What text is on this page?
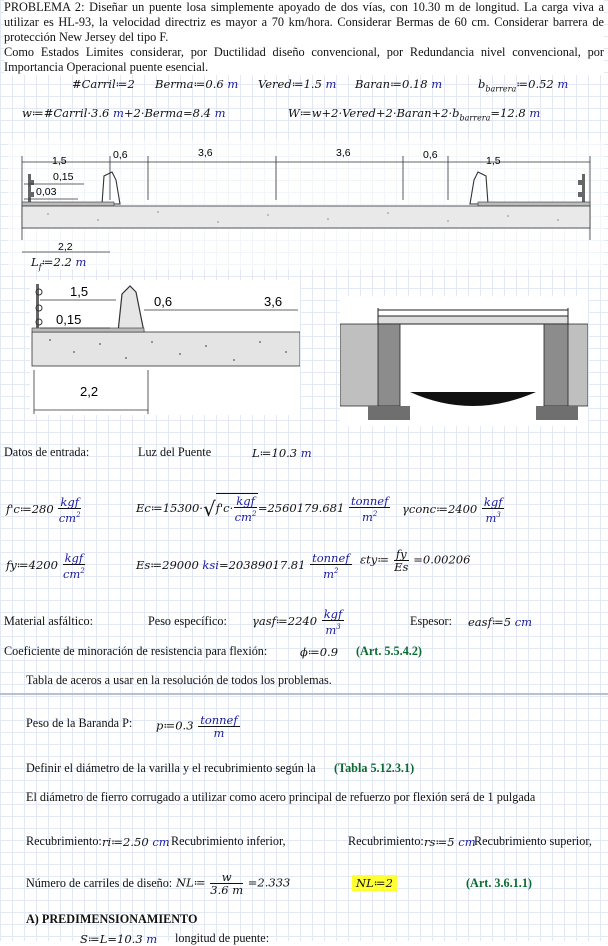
PROBLEMA 2: Diseñar un puente losa simplemente apoyado de dos vías, con 10.30 m de longitud. La carga viva a utilizar es HL-93, la velocidad directriz es mayor a 70 km/hora. Considerar Bermas de 60 cm. Considerar barrera de protección New Jersey del tipo F.
Como Estados Limites considerar, por Ductilidad diseño convencional, por Redundancia nivel convencional, por Importancia Operacional puente esencial.
#Carril≔2 Berma≔0.6 m Vered≔1.5 m Baran≔0.18 m	$b_{barrera}≔0.52$ m
w≔#Carril·3.6 m+2·Berma=8.4 m	$W≔w+2\cdot Vered+2\cdot Baran+2\cdot b_{barrera}=12.8$ m
1,5	0,6	3,6	3,6	0,6	1,5
0,15
0,03
2,2
$L_f≔2.2$ m
1,5
0,6	3,6
0,15
2,2
Datos de entrada:	Luz del Puente	L≔10.3 m
f'c≔280 $\frac{\text{kgf}}{cm^2}$	Ec≔15300·√f'c· $\frac{\text{kgf}}{cm^2} =2560179.681 \frac{\text{tonnef}}{m^2}$ γconc≔2400 $\frac{\text{kgf}}{m^3}$
fy≔4200 $\frac{\text{kgf}}{cm^2}$	Es≔29000 $ksi=20389017.81 \frac{\text{tonnef}}{m^2}$ εty≔ $\frac{fy}{Es} =0.00206$
Material asfáltico:	Peso específico: γasf≔2240 $\frac{\text{kgf}}{m^3}$	Espesor: easf≔5 cm
Coeficiente de minoración de resistencia para flexión:	ϕ≔0.9 (Art. 5.5.4.2)
Tabla de aceros a usar en la resolución de todos los problemas.
Peso de la Baranda P: p≔0.3 $\frac{\text{tonnef}}{m}$
Definir el diámetro de la varilla y el recubrimiento según la (Tabla 5.12.3.1)
El diámetro de fierro corrugado a utilizar como acero principal de refuerzo por flexión será de 1 pulgada
Recubrimiento: ri≔2.50 cm Recubrimiento inferior,	Recubrimiento: rs≔5 cm
Recubrimiento superior,
Número de carriles de diseño: NL≔ $\frac{w}{3.6 m} =2.333$	NL≔2	(Art. 3.6.1.1)
A) PREDIMENSIONAMIENTO
S≔L=10.3 m longitud de puente:
